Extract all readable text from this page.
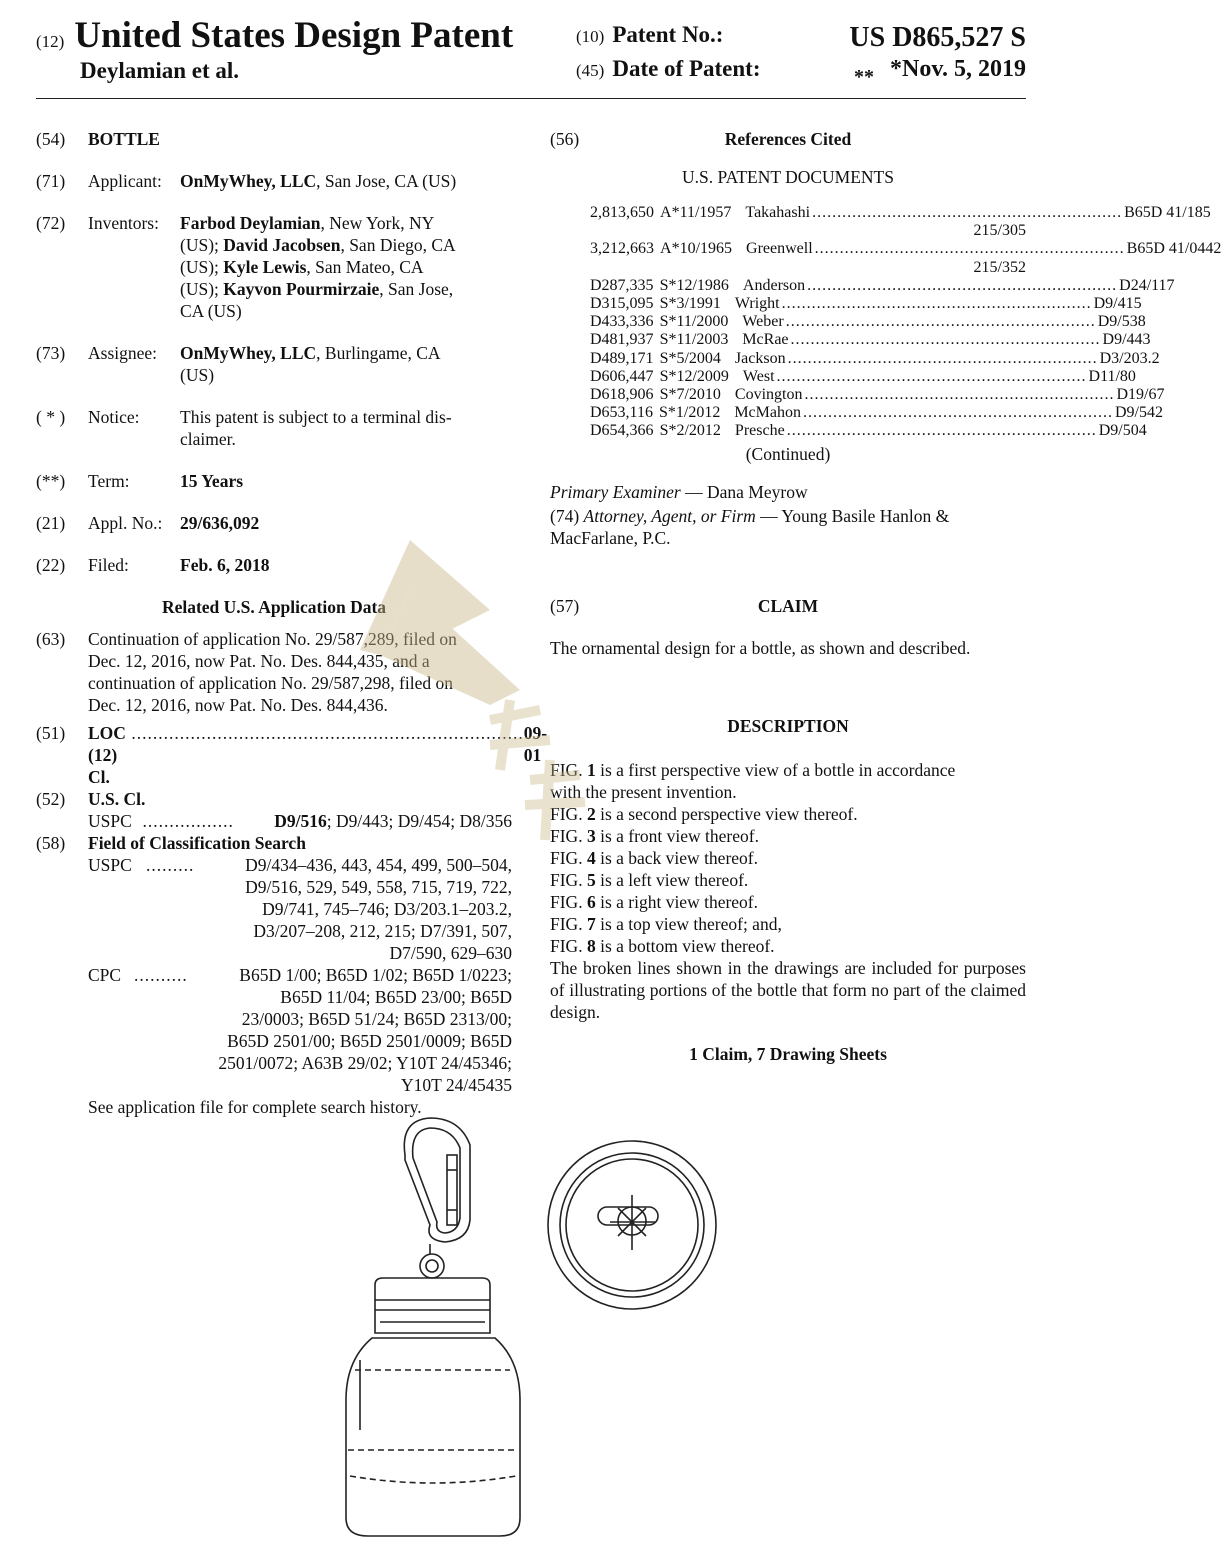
(12) United States Design Patent
Deylamian et al.
(10) Patent No.:	US D865,527 S
(45) Date of Patent:	** *Nov. 5, 2019
(54) BOTTLE
(71) Applicant: OnMyWhey, LLC, San Jose, CA (US)
(72) Inventors: Farbod Deylamian, New York, NY
(US); David Jacobsen, San Diego, CA
(US); Kyle Lewis, San Mateo, CA
(US); Kayvon Pourmirzaie, San Jose,
CA (US)
(73) Assignee: OnMyWhey, LLC, Burlingame, CA
(US)
( * ) Notice: This patent is subject to a terminal dis-
claimer.
(**) Term:	15 Years
(21) Appl. No.: 29/636,092
(22) Filed:	Feb. 6, 2018
Related U.S. Application Data
(63) Continuation of application No. 29/587,289, filed on
Dec. 12, 2016, now Pat. No. Des. 844,435, and a
continuation of application No. 29/587,298, filed on
Dec. 12, 2016, now Pat. No. Des. 844,436.
(51) LOC (12) Cl.
......................................................................... 09-01
(52) U.S. Cl.
USPC .................	D9/516 ; D9/443; D9/454; D8/356
(58) Field of Classification Search
USPC .........	D9/434–436, 443, 454, 499, 500–504,
D9/516, 529, 549, 558, 715, 719, 722,
D9/741, 745–746; D3/203.1–203.2,
D3/207–208, 212, 215; D7/391, 507,
D7/590, 629–630
CPC ..........	B65D 1/00; B65D 1/02; B65D 1/0223;
B65D 11/04; B65D 23/00; B65D
23/0003; B65D 51/24; B65D 2313/00;
B65D 2501/00; B65D 2501/0009; B65D
2501/0072; A63B 29/02; Y10T 24/45346;
Y10T 24/45435
See application file for complete search history.
(56)	References Cited
U.S. PATENT DOCUMENTS
2,813,650 A * 11/1957 Takahashi .............................................................. B65D 41/185
215/305
3,212,663 A * 10/1965 Greenwell .............................................................. B65D 41/0442
215/352
D287,335 S * 12/1986 Anderson .............................................................. D24/117
D315,095 S * 3/1991 Wright .............................................................. D9/415
D433,336 S * 11/2000 Weber .............................................................. D9/538
D481,937 S * 11/2003 McRae .............................................................. D9/443
D489,171 S * 5/2004 Jackson .............................................................. D3/203.2
D606,447 S * 12/2009 West .............................................................. D11/80
D618,906 S * 7/2010 Covington .............................................................. D19/67
D653,116 S * 1/2012 McMahon .............................................................. D9/542
D654,366 S * 2/2012 Presche .............................................................. D9/504
(Continued)
Primary Examiner — Dana Meyrow
(74) Attorney, Agent, or Firm — Young Basile Hanlon &
MacFarlane, P.C.
(57)	CLAIM
The ornamental design for a bottle, as shown and described.
DESCRIPTION
FIG. 1 is a first perspective view of a bottle in accordance
with the present invention.
FIG. 2 is a second perspective view thereof.
FIG. 3 is a front view thereof.
FIG. 4 is a back view thereof.
FIG. 5 is a left view thereof.
FIG. 6 is a right view thereof.
FIG. 7 is a top view thereof; and,
FIG. 8 is a bottom view thereof.
The broken lines shown in the drawings are included for purposes of illustrating portions of the bottle that form no part of the claimed design.
1 Claim, 7 Drawing Sheets
